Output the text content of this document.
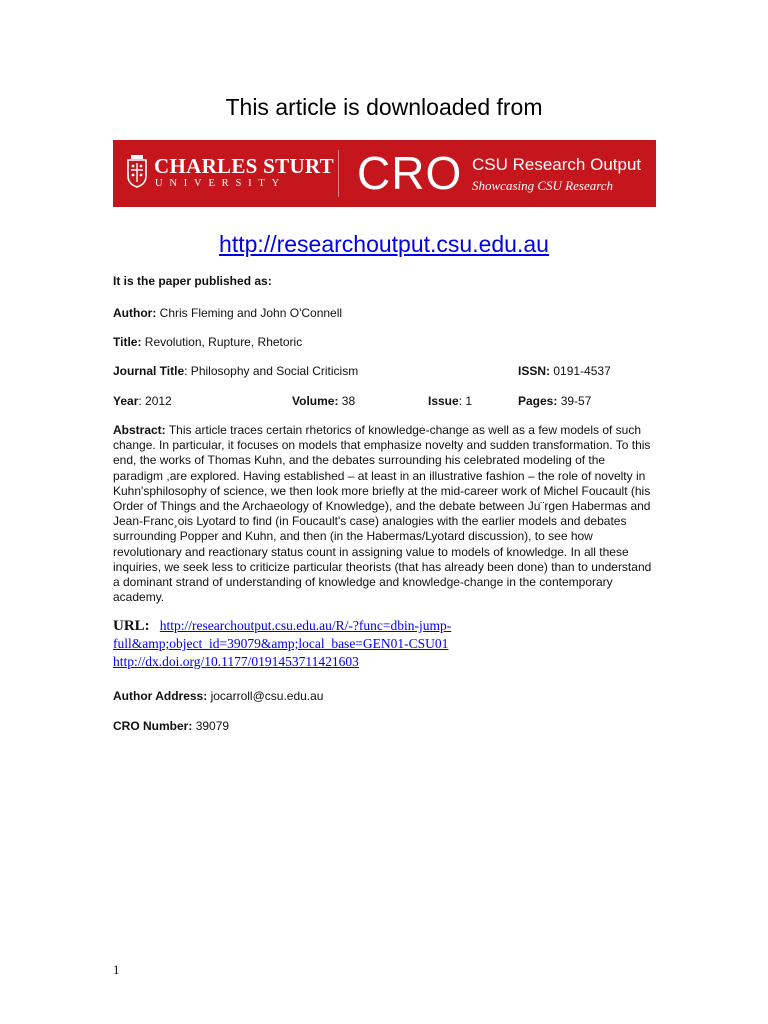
This article is downloaded from
CHARLES STURT
UNIVERSITY CRO CSU Research Output
Showcasing CSU Research
http://researchoutput.csu.edu.au
It is the paper published as:
Author: Chris Fleming and John O'Connell
Title: Revolution, Rupture, Rhetoric
Journal Title: Philosophy and Social Criticism	ISSN: 0191-4537
Year: 2012	Volume: 38	Issue: 1	Pages: 39-57
Abstract: This article traces certain rhetorics of knowledge-change as well as a few models of such change. In particular, it focuses on models that emphasize novelty and sudden transformation. To this end, the works of Thomas Kuhn, and the debates surrounding his celebrated modeling of the paradigm ,are explored. Having established – at least in an illustrative fashion – the role of novelty in Kuhn'sphilosophy of science, we then look more briefly at the mid-career work of Michel Foucault (his Order of Things and the Archaeology of Knowledge), and the debate between Ju¨rgen Habermas and Jean-Franc¸ois Lyotard to find (in Foucault's case) analogies with the earlier models and debates surrounding Popper and Kuhn, and then (in the Habermas/Lyotard discussion), to see how revolutionary and reactionary status count in assigning value to models of knowledge. In all these inquiries, we seek less to criticize particular theorists (that has already been done) than to understand a dominant strand of understanding of knowledge and knowledge-change in the contemporary academy.
URL: http://researchoutput.csu.edu.au/R/-?func=dbin-jump-
full&amp;object_id=39079&amp;local_base=GEN01-CSU01
http://dx.doi.org/10.1177/0191453711421603
Author Address: jocarroll@csu.edu.au
CRO Number: 39079
1
